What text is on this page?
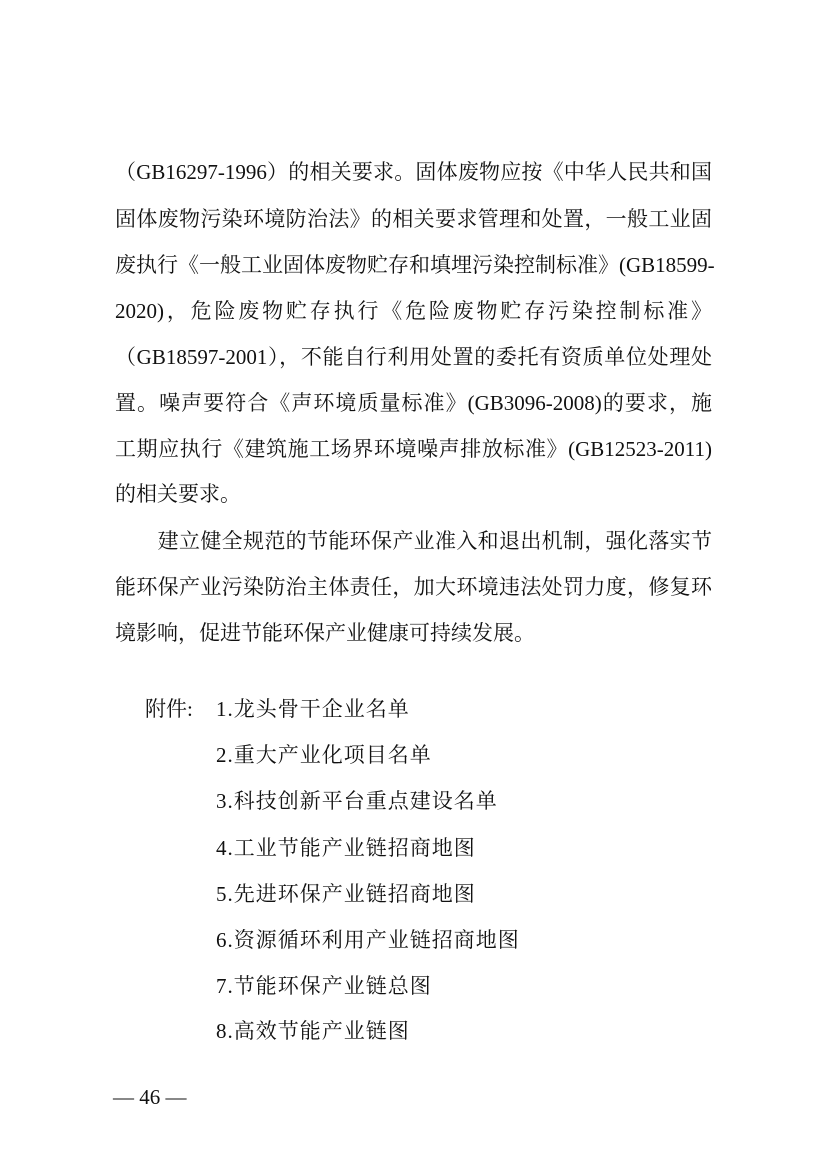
（GB16297-1996）的相关要求。固体废物应按《中华人民共和国
固体废物污染环境防治法》的相关要求管理和处置，一般工业固
废执行《一般工业固体废物贮存和填埋污染控制标准》(GB18599-
2020)，危险废物贮存执行《危险废物贮存污染控制标准》
（GB18597-2001），不能自行利用处置的委托有资质单位处理处
置。噪声要符合《声环境质量标准》(GB3096-2008)的要求，施
工期应执行《建筑施工场界环境噪声排放标准》(GB12523-2011)
的相关要求。
　　建立健全规范的节能环保产业准入和退出机制，强化落实节
能环保产业污染防治主体责任，加大环境违法处罚力度，修复环
境影响，促进节能环保产业健康可持续发展。
附件: 1.龙头骨干企业名单
2.重大产业化项目名单
3.科技创新平台重点建设名单
4.工业节能产业链招商地图
5.先进环保产业链招商地图
6.资源循环利用产业链招商地图
7.节能环保产业链总图
8.高效节能产业链图
— 46 —
